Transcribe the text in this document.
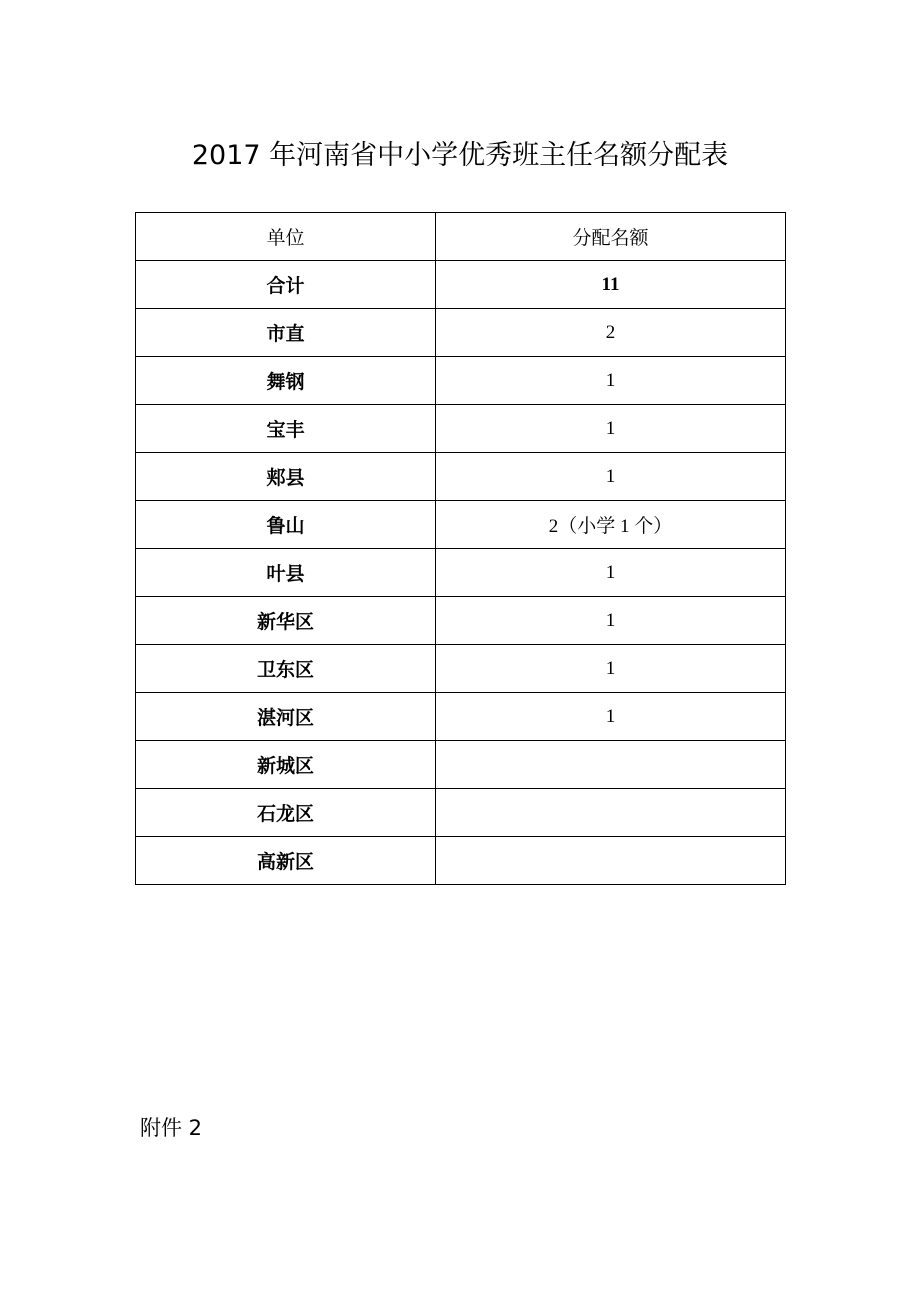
2017 年河南省中小学优秀班主任名额分配表
单位	分配名额
合计	11
市直	2
舞钢	1
宝丰	1
郏县	1
鲁山	2（小学 1 个）
叶县	1
新华区	1
卫东区	1
湛河区	1
新城区	
石龙区	
高新区	
附件 2
